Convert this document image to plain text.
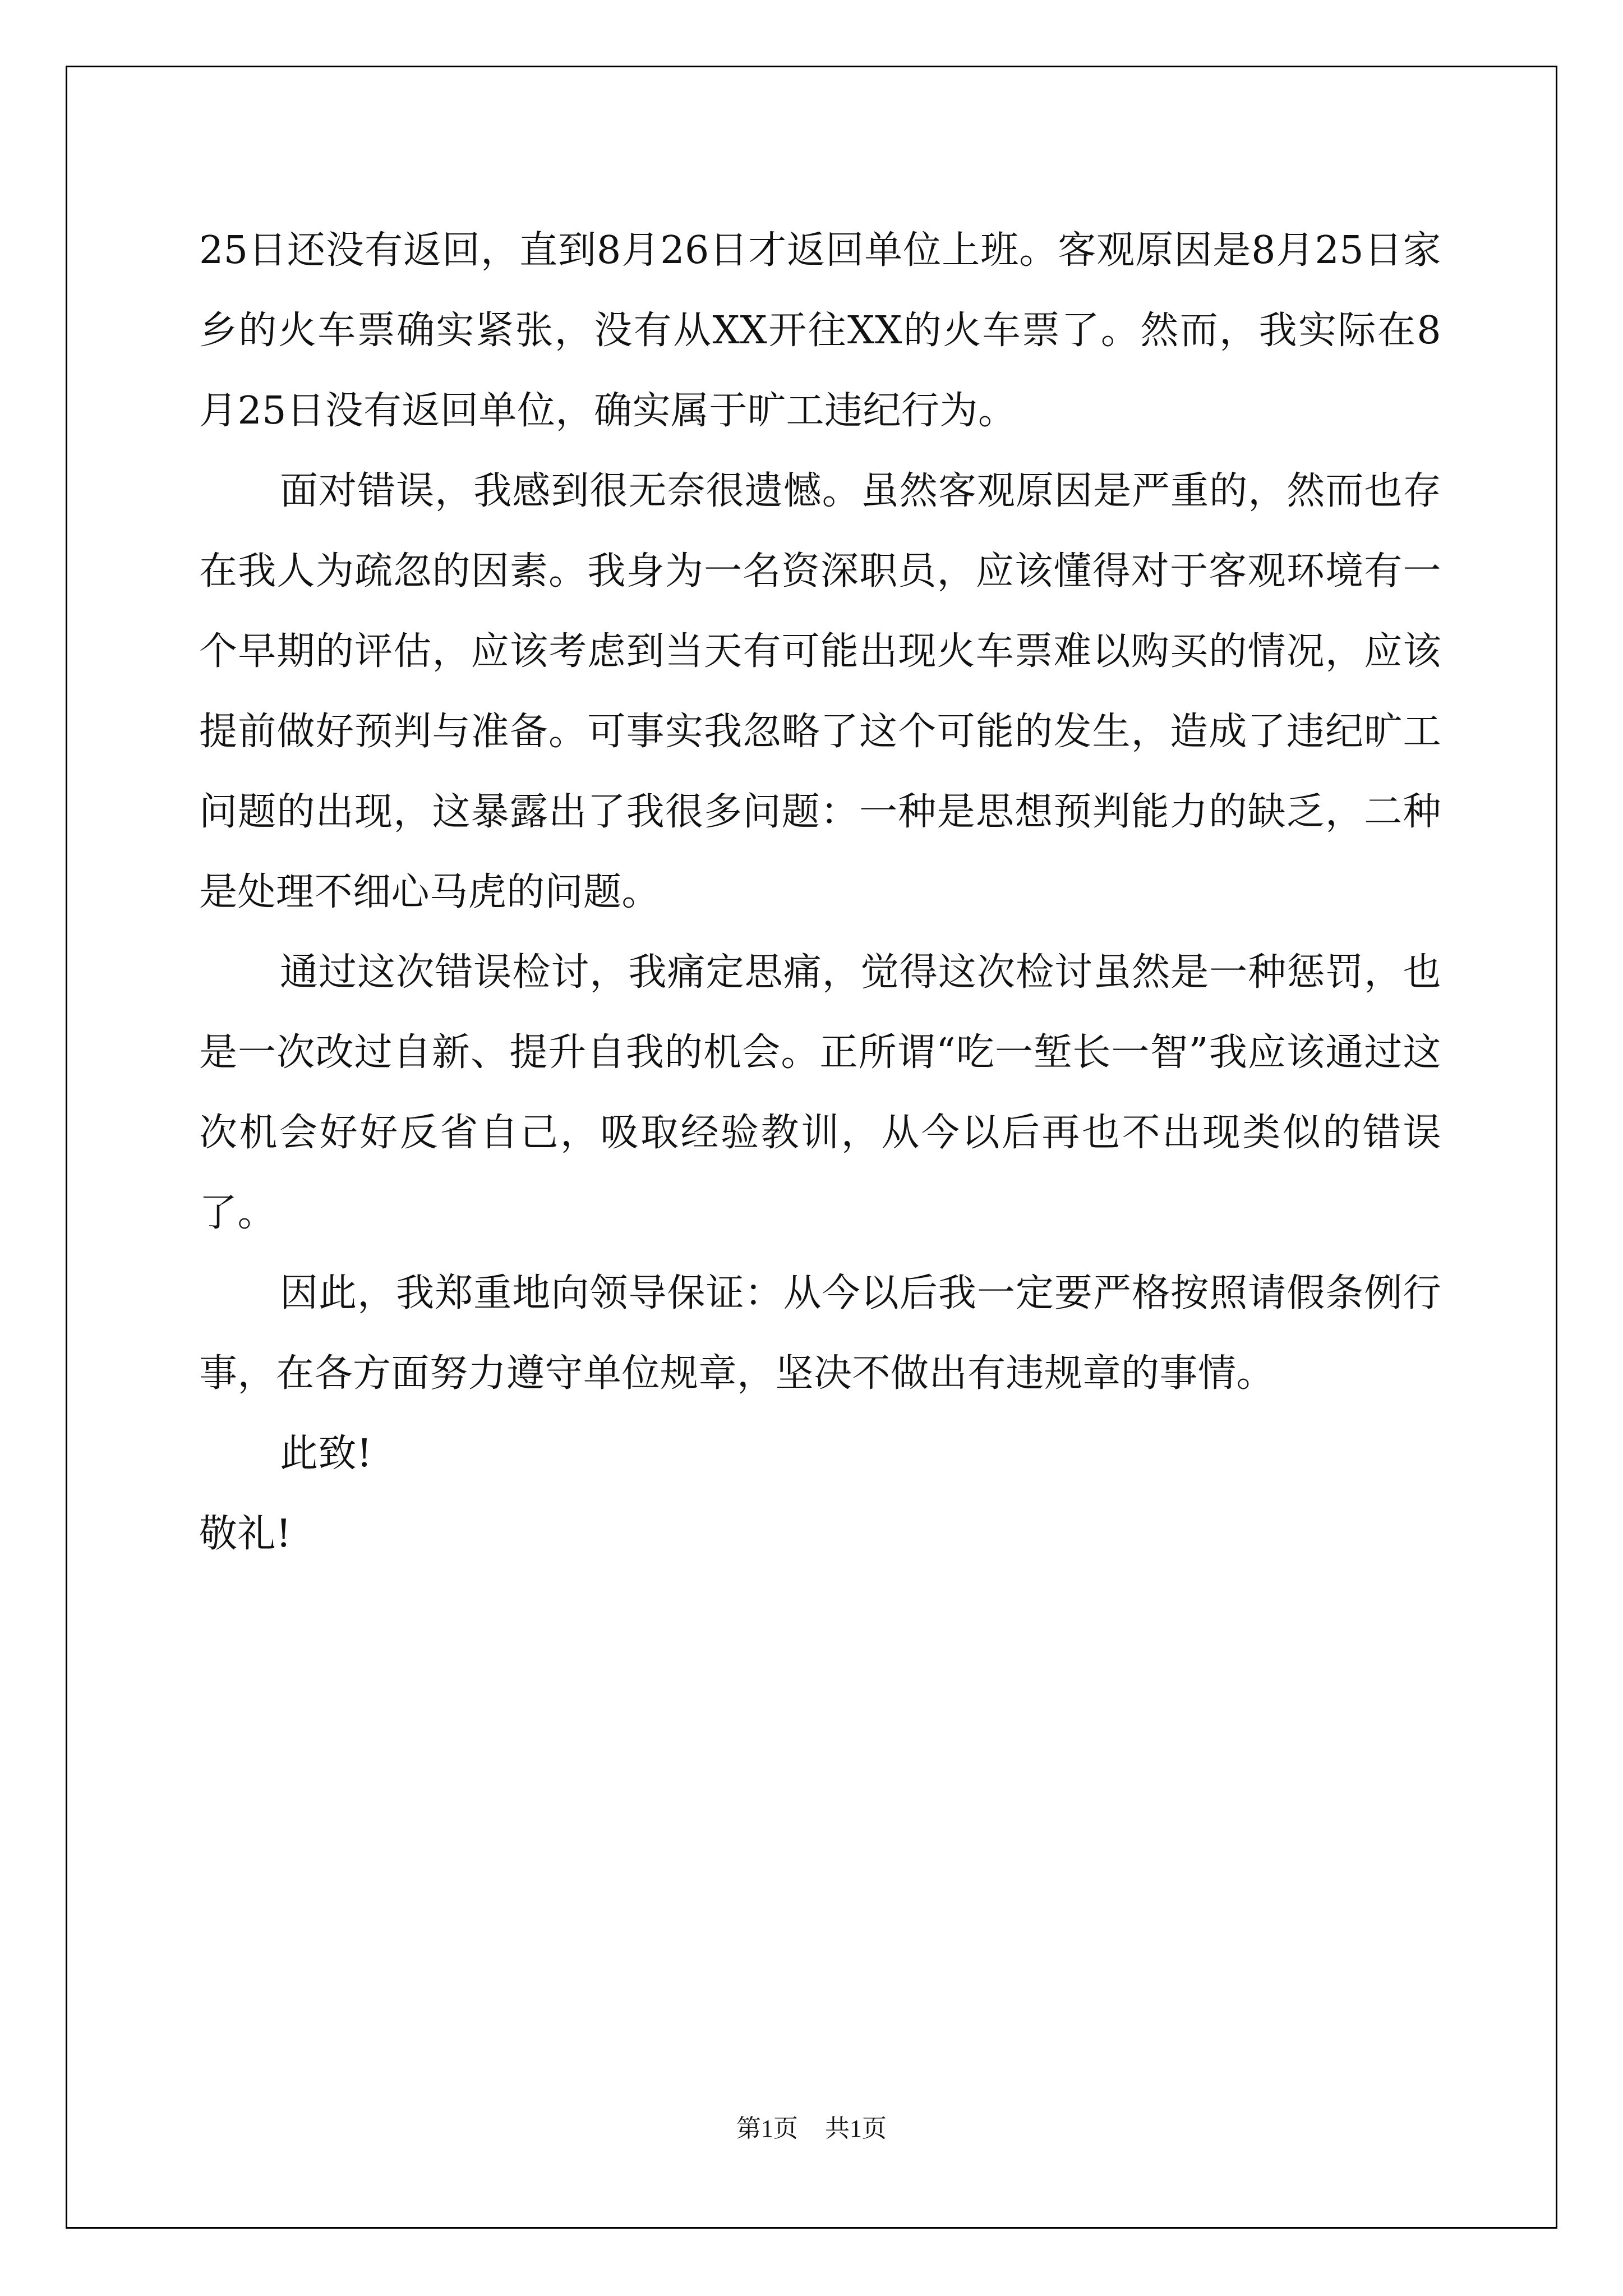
25日还没有返回，直到8月26日才返回单位上班。客观原因是8月25日家乡的火车票确实紧张，没有从XX开往XX的火车票了。然而，我实际在8月25日没有返回单位，确实属于旷工违纪行为。

面对错误，我感到很无奈很遗憾。虽然客观原因是严重的，然而也存在我人为疏忽的因素。我身为一名资深职员，应该懂得对于客观环境有一个早期的评估，应该考虑到当天有可能出现火车票难以购买的情况，应该提前做好预判与准备。可事实我忽略了这个可能的发生，造成了违纪旷工问题的出现，这暴露出了我很多问题：一种是思想预判能力的缺乏，二种是处理不细心马虎的问题。

通过这次错误检讨，我痛定思痛，觉得这次检讨虽然是一种惩罚，也是一次改过自新、提升自我的机会。正所谓“吃一堑长一智”我应该通过这次机会好好反省自己，吸取经验教训，从今以后再也不出现类似的错误了。

因此，我郑重地向领导保证：从今以后我一定要严格按照请假条例行事，在各方面努力遵守单位规章，坚决不做出有违规章的事情。

此致!

敬礼!

第1页 共1页
